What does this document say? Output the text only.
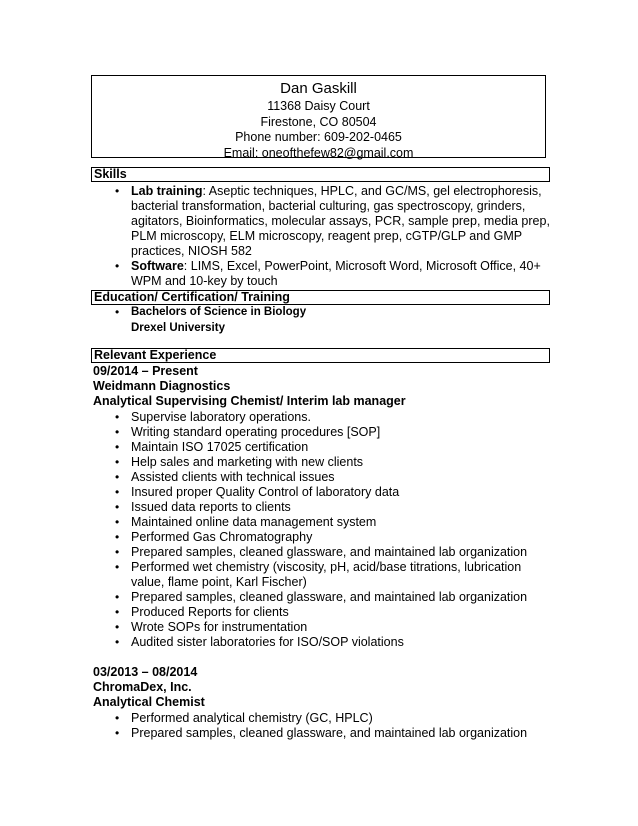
Dan Gaskill
11368 Daisy Court
Firestone, CO 80504
Phone number: 609-202-0465
Email: oneofthefew82@gmail.com
Skills
• Lab training: Aseptic techniques, HPLC, and GC/MS, gel electrophoresis, bacterial transformation, bacterial culturing, gas spectroscopy, grinders, agitators, Bioinformatics, molecular assays, PCR, sample prep, media prep, PLM microscopy, ELM microscopy, reagent prep, cGTP/GLP and GMP practices, NIOSH 582
• Software: LIMS, Excel, PowerPoint, Microsoft Word, Microsoft Office, 40+ WPM and 10-key by touch
Education/ Certification/ Training
• Bachelors of Science in Biology
Drexel University
Relevant Experience
09/2014 – Present
Weidmann Diagnostics
Analytical Supervising Chemist/ Interim lab manager
• Supervise laboratory operations.
• Writing standard operating procedures [SOP]
• Maintain ISO 17025 certification
• Help sales and marketing with new clients
• Assisted clients with technical issues
• Insured proper Quality Control of laboratory data
• Issued data reports to clients
• Maintained online data management system
• Performed Gas Chromatography
• Prepared samples, cleaned glassware, and maintained lab organization
• Performed wet chemistry (viscosity, pH, acid/base titrations, lubrication value, flame point, Karl Fischer)
• Prepared samples, cleaned glassware, and maintained lab organization
• Produced Reports for clients
• Wrote SOPs for instrumentation
• Audited sister laboratories for ISO/SOP violations
03/2013 – 08/2014
ChromaDex, Inc.
Analytical Chemist
• Performed analytical chemistry (GC, HPLC)
• Prepared samples, cleaned glassware, and maintained lab organization
